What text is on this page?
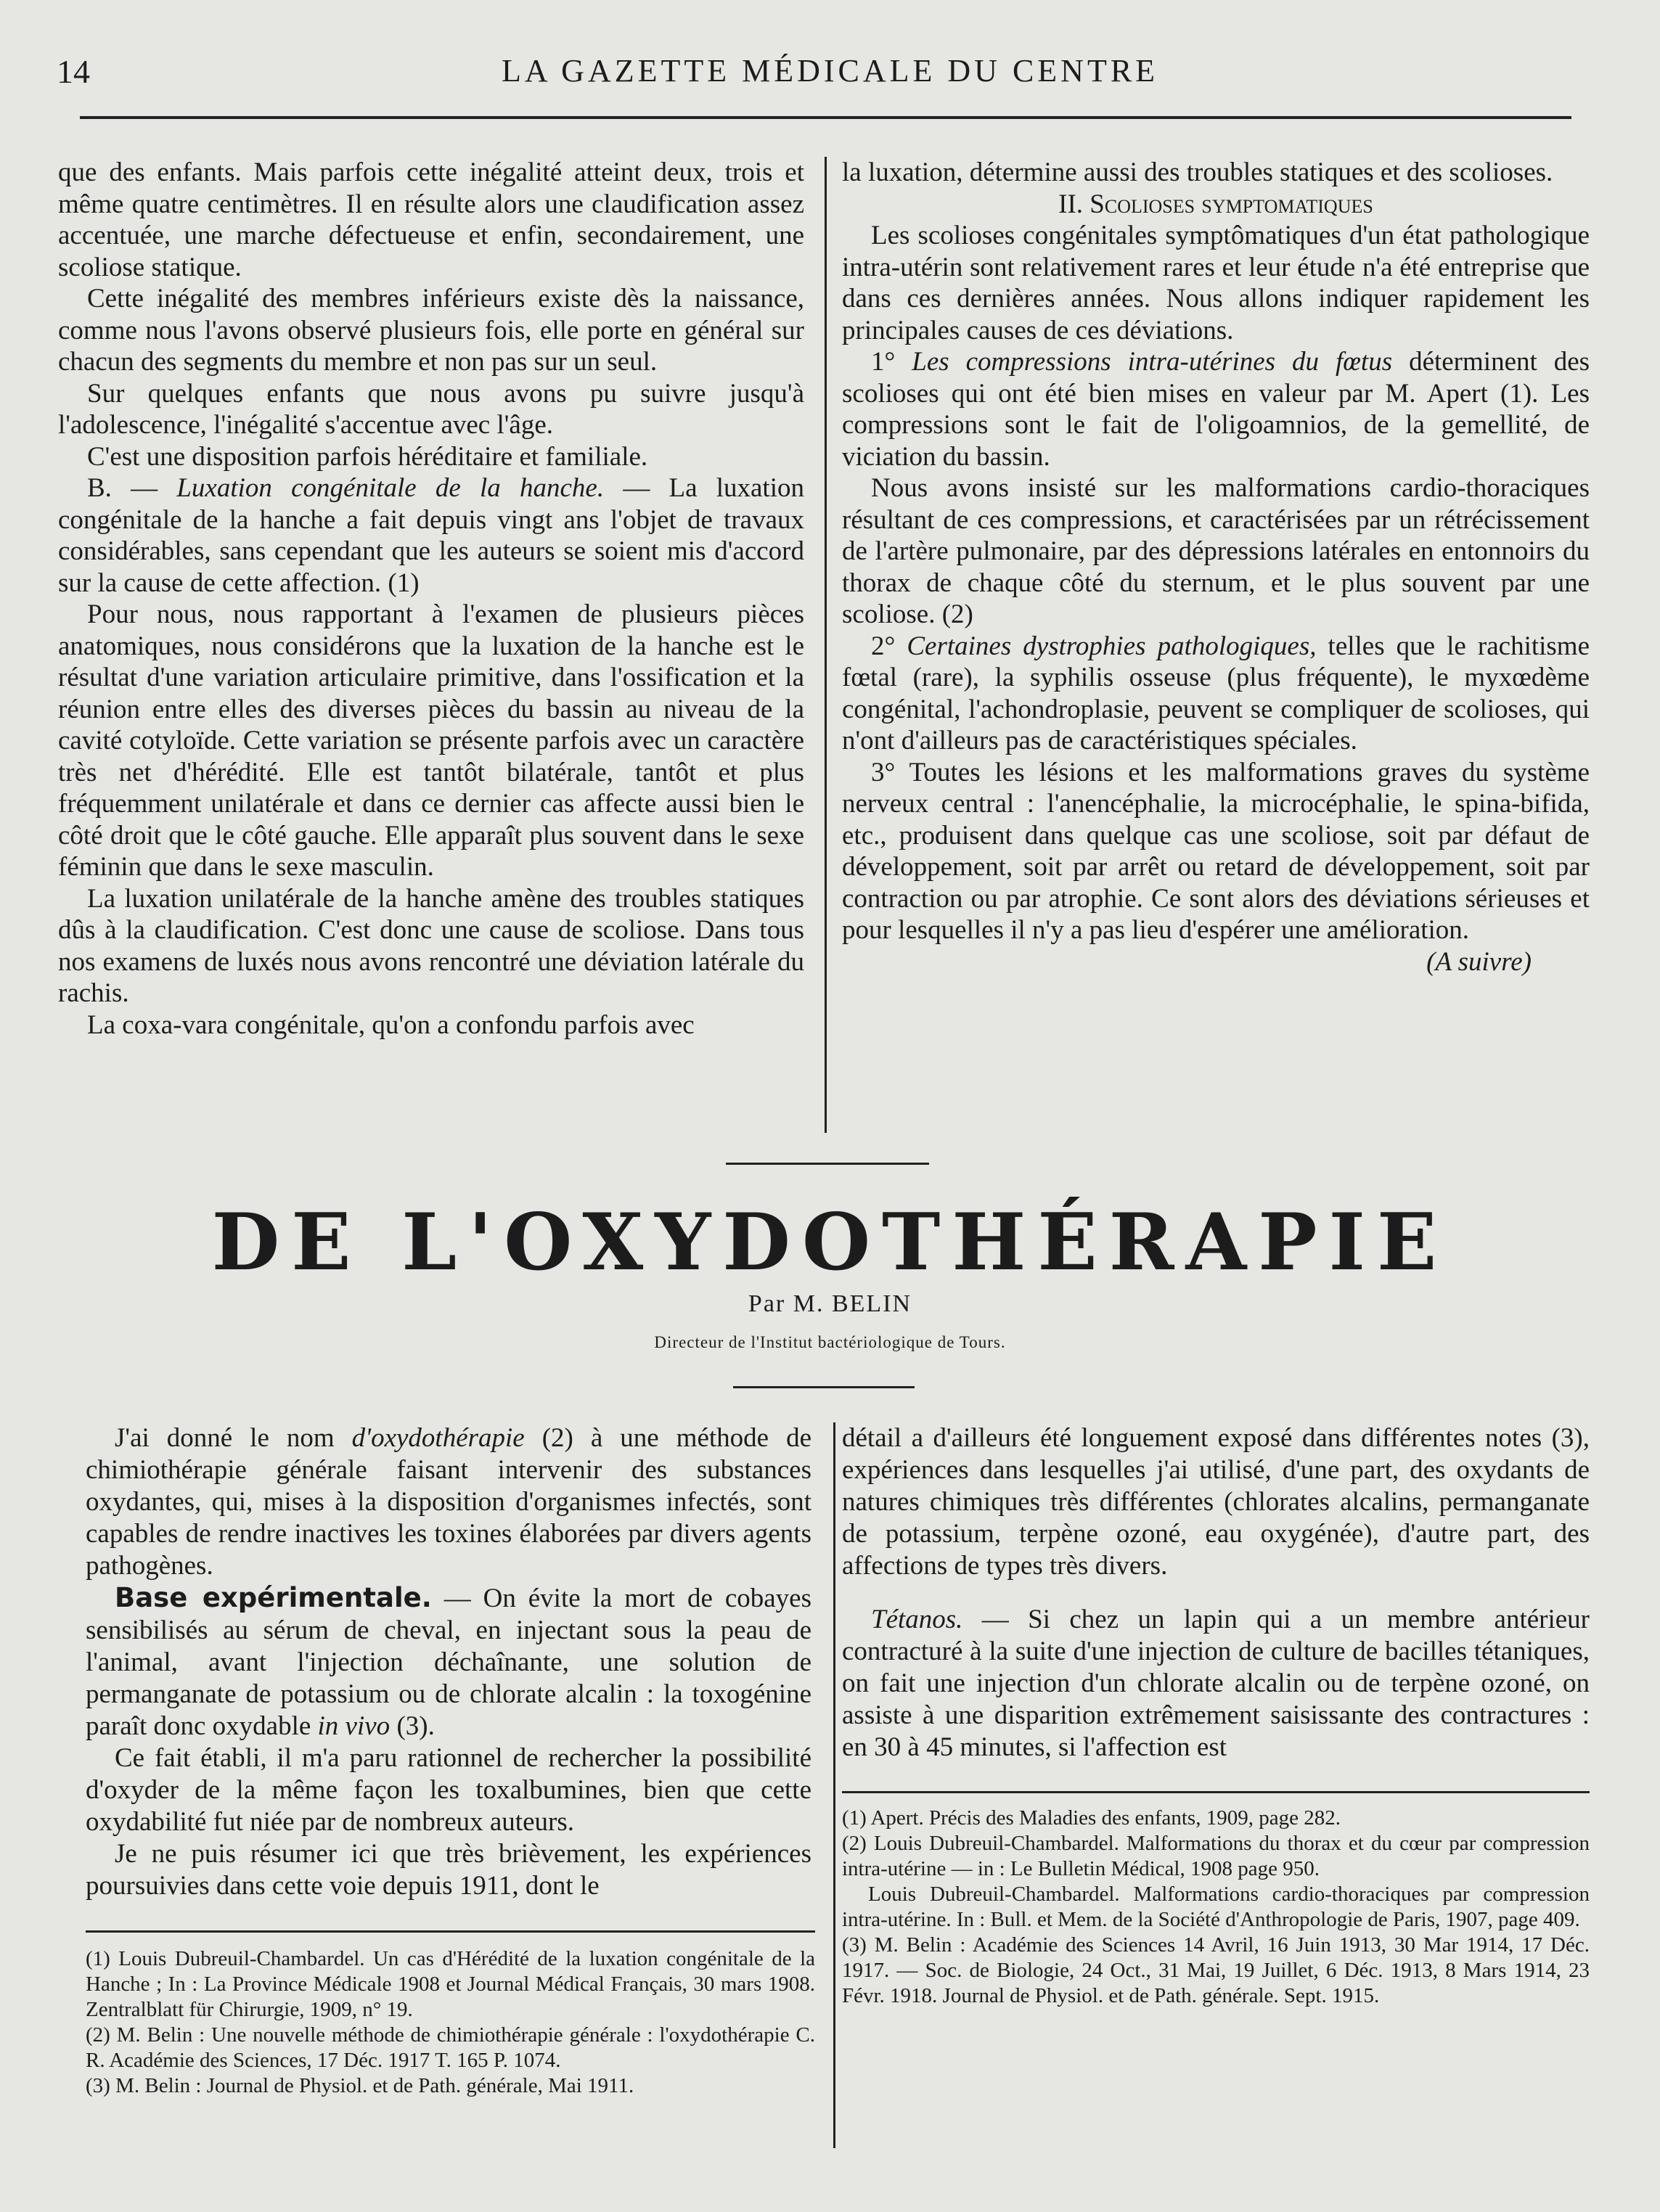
14	LA GAZETTE MÉDICALE DU CENTRE

que des enfants. Mais parfois cette inégalité atteint deux, trois et même quatre centimètres. Il en résulte alors une claudification assez accentuée, une marche défectueuse et enfin, secondairement, une scoliose statique.

Cette inégalité des membres inférieurs existe dès la naissance, comme nous l'avons observé plusieurs fois, elle porte en général sur chacun des segments du membre et non pas sur un seul.

Sur quelques enfants que nous avons pu suivre jusqu'à l'adolescence, l'inégalité s'accentue avec l'âge.

C'est une disposition parfois héréditaire et familiale.

B. — Luxation congénitale de la hanche. — La luxation congénitale de la hanche a fait depuis vingt ans l'objet de travaux considérables, sans cependant que les auteurs se soient mis d'accord sur la cause de cette affection. (1)

Pour nous, nous rapportant à l'examen de plusieurs pièces anatomiques, nous considérons que la luxation de la hanche est le résultat d'une variation articulaire primitive, dans l'ossification et la réunion entre elles des diverses pièces du bassin au niveau de la cavité cotyloïde. Cette variation se présente parfois avec un caractère très net d'hérédité. Elle est tantôt bilatérale, tantôt et plus fréquemment unilatérale et dans ce dernier cas affecte aussi bien le côté droit que le côté gauche. Elle apparaît plus souvent dans le sexe féminin que dans le sexe masculin.

La luxation unilatérale de la hanche amène des troubles statiques dûs à la claudification. C'est donc une cause de scoliose. Dans tous nos examens de luxés nous avons rencontré une déviation latérale du rachis.

La coxa-vara congénitale, qu'on a confondu parfois avec

la luxation, détermine aussi des troubles statiques et des scolioses.

II. Scolioses symptomatiques

Les scolioses congénitales symptômatiques d'un état pathologique intra-utérin sont relativement rares et leur étude n'a été entreprise que dans ces dernières années. Nous allons indiquer rapidement les principales causes de ces déviations.

1° Les compressions intra-utérines du fœtus déterminent des scolioses qui ont été bien mises en valeur par M. Apert (1). Les compressions sont le fait de l'oligoamnios, de la gemellité, de viciation du bassin.

Nous avons insisté sur les malformations cardio-thoraciques résultant de ces compressions, et caractérisées par un rétrécissement de l'artère pulmonaire, par des dépressions latérales en entonnoirs du thorax de chaque côté du sternum, et le plus souvent par une scoliose. (2)

2° Certaines dystrophies pathologiques, telles que le rachitisme fœtal (rare), la syphilis osseuse (plus fréquente), le myxœdème congénital, l'achondroplasie, peuvent se compliquer de scolioses, qui n'ont d'ailleurs pas de caractéristiques spéciales.

3° Toutes les lésions et les malformations graves du système nerveux central : l'anencéphalie, la microcéphalie, le spina-bifida, etc., produisent dans quelque cas une scoliose, soit par défaut de développement, soit par arrêt ou retard de développement, soit par contraction ou par atrophie. Ce sont alors des déviations sérieuses et pour lesquelles il n'y a pas lieu d'espérer une amélioration.

(A suivre)

DE L'OXYDOTHÉRAPIE
Par M. BELIN
Directeur de l'Institut bactériologique de Tours.

J'ai donné le nom d'oxydothérapie (2) à une méthode de chimiothérapie générale faisant intervenir des substances oxydantes, qui, mises à la disposition d'organismes infectés, sont capables de rendre inactives les toxines élaborées par divers agents pathogènes.

Base expérimentale. — On évite la mort de cobayes sensibilisés au sérum de cheval, en injectant sous la peau de l'animal, avant l'injection déchaînante, une solution de permanganate de potassium ou de chlorate alcalin : la toxogénine paraît donc oxydable in vivo (3).

Ce fait établi, il m'a paru rationnel de rechercher la possibilité d'oxyder de la même façon les toxalbumines, bien que cette oxydabilité fut niée par de nombreux auteurs.

Je ne puis résumer ici que très brièvement, les expériences poursuivies dans cette voie depuis 1911, dont le

détail a d'ailleurs été longuement exposé dans différentes notes (3), expériences dans lesquelles j'ai utilisé, d'une part, des oxydants de natures chimiques très différentes (chlorates alcalins, permanganate de potassium, terpène ozoné, eau oxygénée), d'autre part, des affections de types très divers.

Tétanos. — Si chez un lapin qui a un membre antérieur contracturé à la suite d'une injection de culture de bacilles tétaniques, on fait une injection d'un chlorate alcalin ou de terpène ozoné, on assiste à une disparition extrêmement saisissante des contractures : en 30 à 45 minutes, si l'affection est

(1) Louis Dubreuil-Chambardel. Un cas d'Hérédité de la luxation congénitale de la Hanche ; In : La Province Médicale 1908 et Journal Médical Français, 30 mars 1908. Zentralblatt für Chirurgie, 1909, n° 19.

(2) M. Belin : Une nouvelle méthode de chimiothérapie générale : l'oxydothérapie C. R. Académie des Sciences, 17 Déc. 1917 T. 165 P. 1074.

(3) M. Belin : Journal de Physiol. et de Path. générale, Mai 1911.

(1) Apert. Précis des Maladies des enfants, 1909, page 282.

(2) Louis Dubreuil-Chambardel. Malformations du thorax et du cœur par compression intra-utérine — in : Le Bulletin Médical, 1908 page 950.

Louis Dubreuil-Chambardel. Malformations cardio-thoraciques par compression intra-utérine. In : Bull. et Mem. de la Société d'Anthropologie de Paris, 1907, page 409.

(3) M. Belin : Académie des Sciences 14 Avril, 16 Juin 1913, 30 Mar 1914, 17 Déc. 1917. — Soc. de Biologie, 24 Oct., 31 Mai, 19 Juillet, 6 Déc. 1913, 8 Mars 1914, 23 Févr. 1918. Journal de Physiol. et de Path. générale. Sept. 1915.
